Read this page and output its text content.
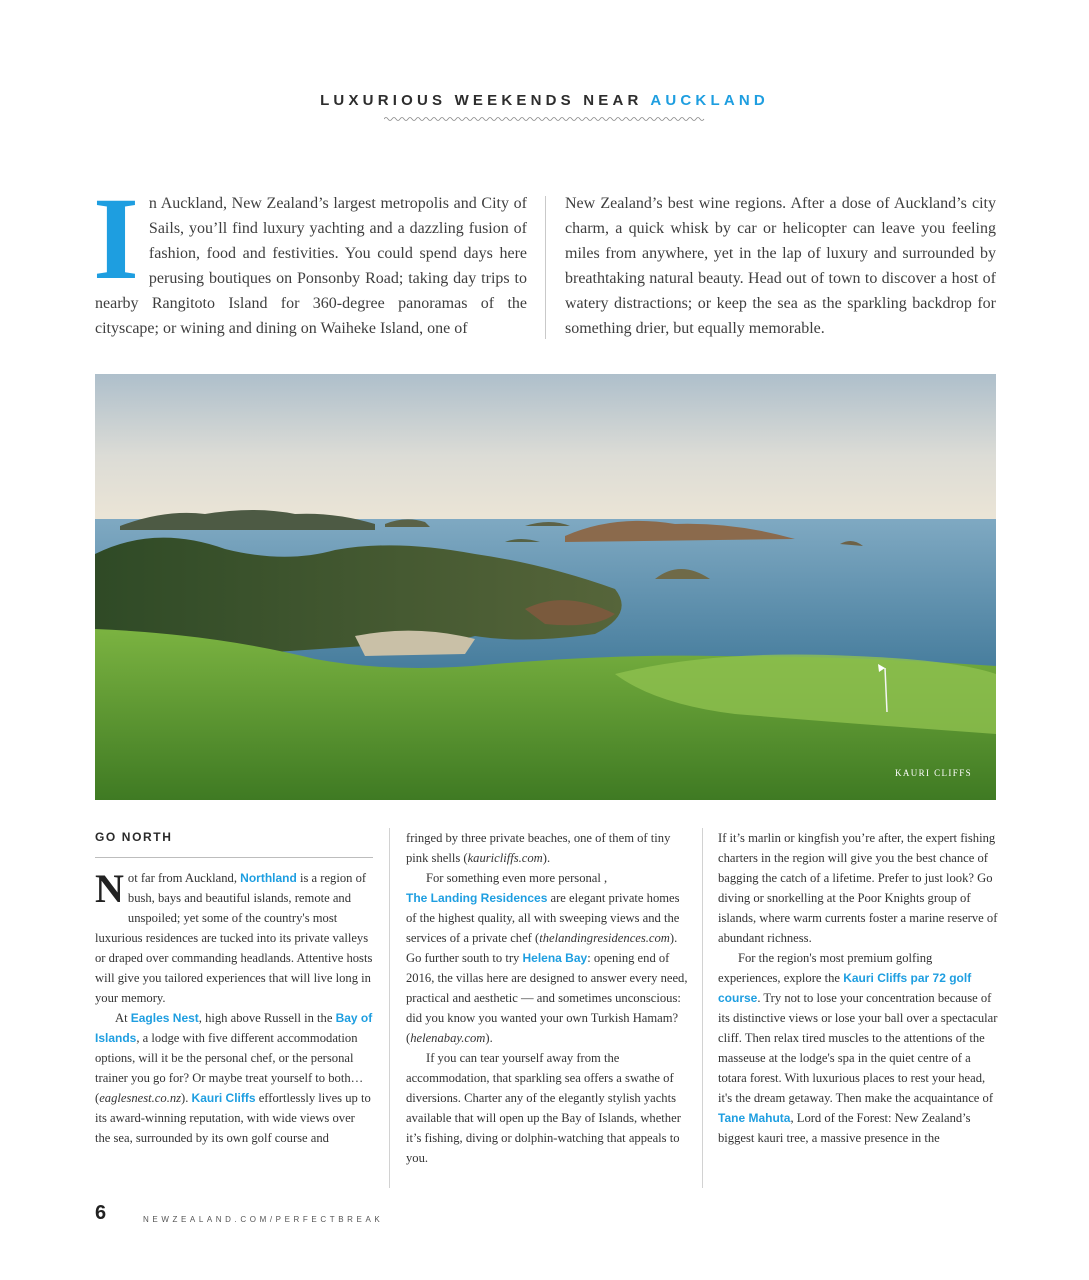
LUXURIOUS WEEKENDS NEAR AUCKLAND
In Auckland, New Zealand’s largest metropolis and City of Sails, you’ll find luxury yachting and a dazzling fusion of fashion, food and festivities. You could spend days here perusing boutiques on Ponsonby Road; taking day trips to nearby Rangitoto Island for 360-degree panoramas of the cityscape; or wining and dining on Waiheke Island, one of
New Zealand’s best wine regions. After a dose of Auckland’s city charm, a quick whisk by car or helicopter can leave you feeling miles from anywhere, yet in the lap of luxury and surrounded by breathtaking natural beauty. Head out of town to discover a host of watery distractions; or keep the sea as the sparkling backdrop for something drier, but equally memorable.
KAURI CLIFFS
GO NORTH

Not far from Auckland, Northland is a region of bush, bays and beautiful islands, remote and unspoiled; yet some of the country's most luxurious residences are tucked into its private valleys or draped over commanding headlands. Attentive hosts will give you tailored experiences that will live long in your memory.

At Eagles Nest, high above Russell in the Bay of Islands, a lodge with five different accommodation options, will it be the personal chef, or the personal trainer you go for? Or maybe treat yourself to both…(eaglesnest.co.nz). Kauri Cliffs effortlessly lives up to its award-winning reputation, with wide views over the sea, surrounded by its own golf course and

fringed by three private beaches, one of them of tiny pink shells (kauricliffs.com).

For something even more personal ,
The Landing Residences are elegant private homes of the highest quality, all with sweeping views and the services of a private chef (thelandingresidences.com). Go further south to try Helena Bay: opening end of 2016, the villas here are designed to answer every need, practical and aesthetic — and sometimes unconscious: did you know you wanted your own Turkish Hamam? (helenabay.com).

If you can tear yourself away from the accommodation, that sparkling sea offers a swathe of diversions. Charter any of the elegantly stylish yachts available that will open up the Bay of Islands, whether it’s fishing, diving or dolphin-watching that appeals to you.

If it’s marlin or kingfish you’re after, the expert fishing charters in the region will give you the best chance of bagging the catch of a lifetime. Prefer to just look? Go diving or snorkelling at the Poor Knights group of islands, where warm currents foster a marine reserve of abundant richness.

For the region's most premium golfing experiences, explore the Kauri Cliffs par 72 golf course. Try not to lose your concentration because of its distinctive views or lose your ball over a spectacular cliff. Then relax tired muscles to the attentions of the masseuse at the lodge's spa in the quiet centre of a totara forest. With luxurious places to rest your head, it's the dream getaway. Then make the acquaintance of Tane Mahuta, Lord of the Forest: New Zealand’s biggest kauri tree, a massive presence in the

6	NEWZEALAND.COM/PERFECTBREAK
